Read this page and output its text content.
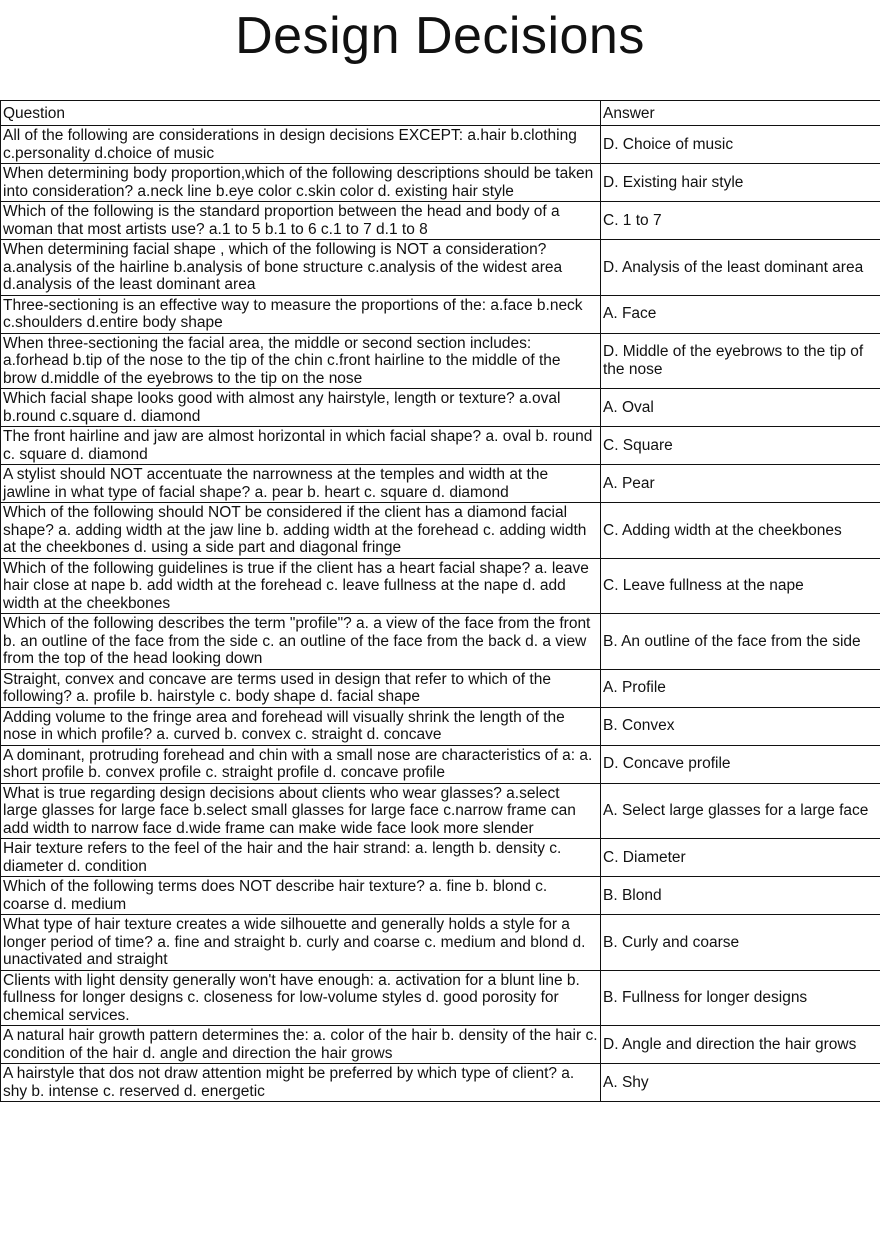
Design Decisions
Question	Answer
All of the following are considerations in design decisions EXCEPT: a.hair b.clothing c.personality d.choice of music	D. Choice of music
When determining body proportion,which of the following descriptions should be taken into consideration? a.neck line b.eye color c.skin color d. existing hair style	D. Existing hair style
Which of the following is the standard proportion between the head and body of a woman that most artists use? a.1 to 5 b.1 to 6 c.1 to 7 d.1 to 8	C. 1 to 7
When determining facial shape , which of the following is NOT a consideration? a.analysis of the hairline b.analysis of bone structure c.analysis of the widest area d.analysis of the least dominant area	D. Analysis of the least dominant area
Three-sectioning is an effective way to measure the proportions of the: a.face b.neck c.shoulders d.entire body shape	A. Face
When three-sectioning the facial area, the middle or second section includes: a.forhead b.tip of the nose to the tip of the chin c.front hairline to the middle of the brow d.middle of the eyebrows to the tip on the nose	D. Middle of the eyebrows to the tip of the nose
Which facial shape looks good with almost any hairstyle, length or texture? a.oval b.round c.square d. diamond	A. Oval
The front hairline and jaw are almost horizontal in which facial shape? a. oval b. round c. square d. diamond	C. Square
A stylist should NOT accentuate the narrowness at the temples and width at the jawline in what type of facial shape? a. pear b. heart c. square d. diamond	A. Pear
Which of the following should NOT be considered if the client has a diamond facial shape? a. adding width at the jaw line b. adding width at the forehead c. adding width at the cheekbones d. using a side part and diagonal fringe	C. Adding width at the cheekbones
Which of the following guidelines is true if the client has a heart facial shape? a. leave hair close at nape b. add width at the forehead c. leave fullness at the nape d. add width at the cheekbones	C. Leave fullness at the nape
Which of the following describes the term "profile"? a. a view of the face from the front b. an outline of the face from the side c. an outline of the face from the back d. a view from the top of the head looking down	B. An outline of the face from the side
Straight, convex and concave are terms used in design that refer to which of the following? a. profile b. hairstyle c. body shape d. facial shape	A. Profile
Adding volume to the fringe area and forehead will visually shrink the length of the nose in which profile? a. curved b. convex c. straight d. concave	B. Convex
A dominant, protruding forehead and chin with a small nose are characteristics of a: a. short profile b. convex profile c. straight profile d. concave profile	D. Concave profile
What is true regarding design decisions about clients who wear glasses? a.select large glasses for large face b.select small glasses for large face c.narrow frame can add width to narrow face d.wide frame can make wide face look more slender	A. Select large glasses for a large face
Hair texture refers to the feel of the hair and the hair strand: a. length b. density c. diameter d. condition	C. Diameter
Which of the following terms does NOT describe hair texture? a. fine b. blond c. coarse d. medium	B. Blond
What type of hair texture creates a wide silhouette and generally holds a style for a longer period of time? a. fine and straight b. curly and coarse c. medium and blond d. unactivated and straight	B. Curly and coarse
Clients with light density generally won't have enough: a. activation for a blunt line b. fullness for longer designs c. closeness for low-volume styles d. good porosity for chemical services.	B. Fullness for longer designs
A natural hair growth pattern determines the: a. color of the hair b. density of the hair c. condition of the hair d. angle and direction the hair grows	D. Angle and direction the hair grows
A hairstyle that dos not draw attention might be preferred by which type of client? a. shy b. intense c. reserved d. energetic	A. Shy
